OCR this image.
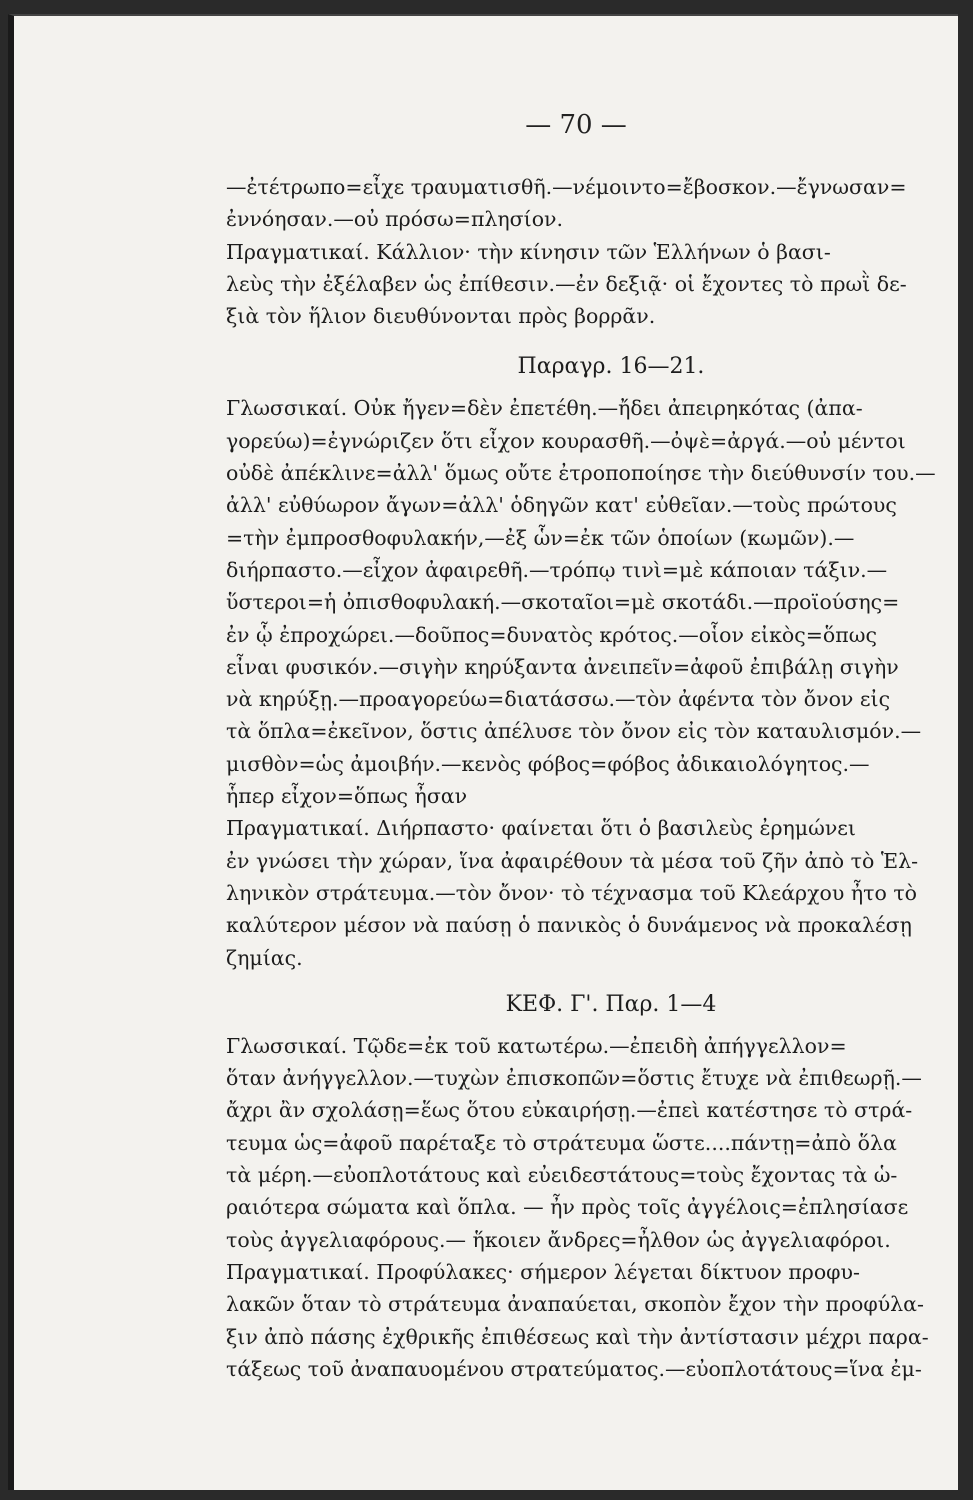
— 70 —
—ἐτέτρωπο=εἶχε τραυματισθῆ.—νέμοιντο=ἔβοσκον.—ἔγνωσαν=
ἐννόησαν.—οὐ πρόσω=πλησίον.
Πραγματικαί. Κάλλιον· τὴν κίνησιν τῶν Ἑλλήνων ὁ βασι-
λεὺς τὴν ἐξέλαβεν ὡς ἐπίθεσιν.—ἐν δεξιᾷ· οἱ ἔχοντες τὸ πρωῒ δε-
ξιὰ τὸν ἥλιον διευθύνονται πρὸς βορρᾶν.
Παραγρ. 16—21.
Γλωσσικαί. Οὐκ ἤγεν=δὲν ἐπετέθη.—ἤδει ἀπειρηκότας (ἀπα-
γορεύω)=ἐγνώριζεν ὅτι εἶχον κουρασθῆ.—ὀψὲ=ἀργά.—οὐ μέντοι
οὐδὲ ἀπέκλινε=ἀλλ' ὅμως οὔτε ἐτροποποίησε τὴν διεύθυνσίν του.—
ἀλλ' εὐθύωρον ἄγων=ἀλλ' ὁδηγῶν κατ' εὐθεῖαν.—τοὺς πρώτους
=τὴν ἐμπροσθοφυλακήν,—ἐξ ὧν=ἐκ τῶν ὁποίων (κωμῶν).—
διήρπαστο.—εἶχον ἀφαιρεθῆ.—τρόπῳ τινὶ=μὲ κάποιαν τάξιν.—
ὕστεροι=ἡ ὀπισθοφυλακή.—σκοταῖοι=μὲ σκοτάδι.—προϊούσης=
ἐν ᾧ ἐπροχώρει.—δοῦπος=δυνατὸς κρότος.—οἷον εἰκὸς=ὅπως
εἶναι φυσικόν.—σιγὴν κηρύξαντα ἀνειπεῖν=ἀφοῦ ἐπιβάλῃ σιγὴν
νὰ κηρύξῃ.—προαγορεύω=διατάσσω.—τὸν ἀφέντα τὸν ὄνον εἰς
τὰ ὅπλα=ἐκεῖνον, ὅστις ἀπέλυσε τὸν ὄνον εἰς τὸν καταυλισμόν.—
μισθὸν=ὡς ἀμοιβήν.—κενὸς φόβος=φόβος ἀδικαιολόγητος.—
ἧπερ εἶχον=ὅπως ἦσαν
Πραγματικαί. Διήρπαστο· φαίνεται ὅτι ὁ βασιλεὺς ἐρημώνει
ἐν γνώσει τὴν χώραν, ἵνα ἀφαιρέθουν τὰ μέσα τοῦ ζῆν ἀπὸ τὸ Ἑλ-
ληνικὸν στράτευμα.—τὸν ὄνον· τὸ τέχνασμα τοῦ Κλεάρχου ἦτο τὸ
καλύτερον μέσον νὰ παύσῃ ὁ πανικὸς ὁ δυνάμενος νὰ προκαλέσῃ
ζημίας.
ΚΕΦ. Γ'. Παρ. 1—4
Γλωσσικαί. Τῷδε=ἐκ τοῦ κατωτέρω.—ἐπειδὴ ἀπήγγελλον=
ὅταν ἀνήγγελλον.—τυχὼν ἐπισκοπῶν=ὅστις ἔτυχε νὰ ἐπιθεωρῇ.—
ἄχρι ἂν σχολάσῃ=ἕως ὅτου εὐκαιρήσῃ.—ἐπεὶ κατέστησε τὸ στρά-
τευμα ὡς=ἀφοῦ παρέταξε τὸ στράτευμα ὥστε....πάντῃ=ἀπὸ ὅλα
τὰ μέρη.—εὐοπλοτάτους καὶ εὐειδεστάτους=τοὺς ἔχοντας τὰ ὡ-
ραιότερα σώματα καὶ ὅπλα. — ἦν πρὸς τοῖς ἀγγέλοις=ἐπλησίασε
τοὺς ἀγγελιαφόρους.— ἥκοιεν ἄνδρες=ἦλθον ὡς ἀγγελιαφόροι.
Πραγματικαί. Προφύλακες· σήμερον λέγεται δίκτυον προφυ-
λακῶν ὅταν τὸ στράτευμα ἀναπαύεται, σκοπὸν ἔχον τὴν προφύλα-
ξιν ἀπὸ πάσης ἐχθρικῆς ἐπιθέσεως καὶ τὴν ἀντίστασιν μέχρι παρα-
τάξεως τοῦ ἀναπαυομένου στρατεύματος.—εὐοπλοτάτους=ἵνα ἐμ-
